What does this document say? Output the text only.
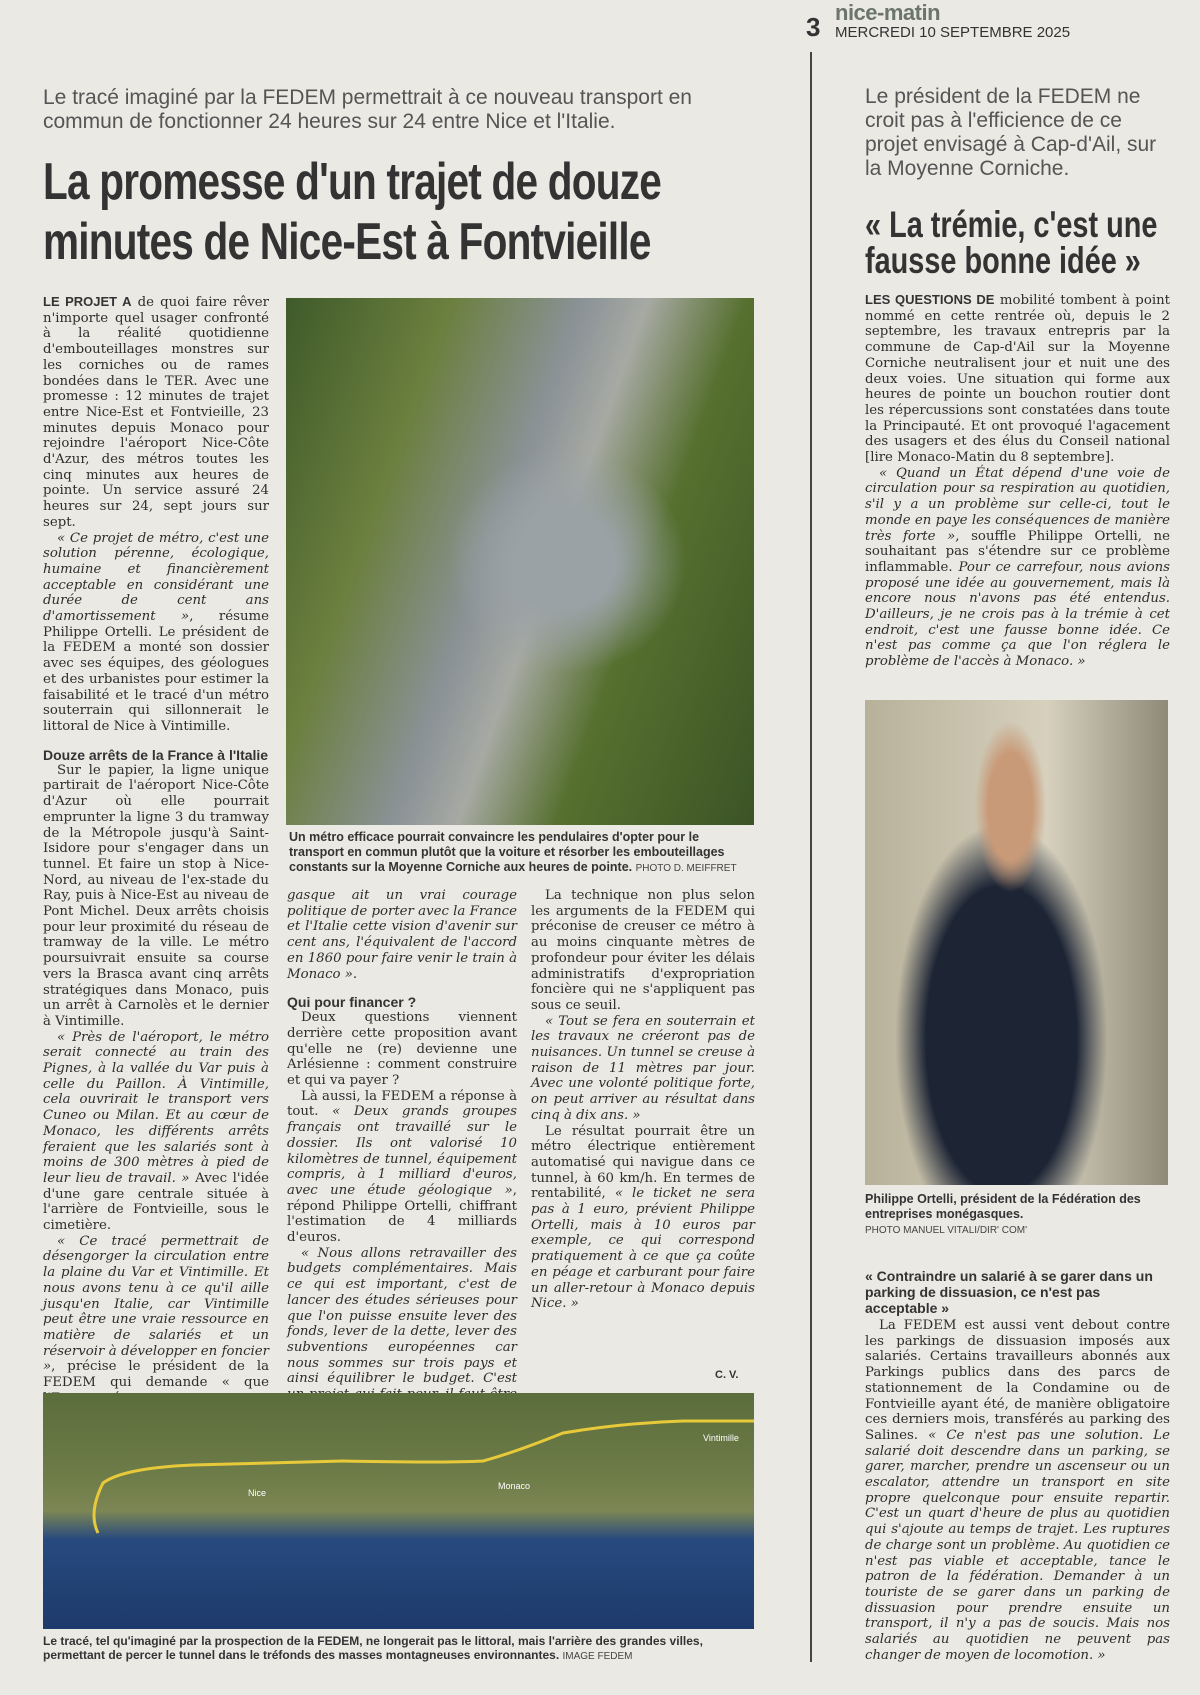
3 nice-matin
MERCREDI 10 SEPTEMBRE 2025
Le tracé imaginé par la FEDEM permettrait à ce nouveau transport en commun de fonctionner 24 heures sur 24 entre Nice et l'Italie.
La promesse d'un trajet de douze
minutes de Nice-Est à Fontvieille

LE PROJET A de quoi faire rêver n'importe quel usager confronté à la réalité quotidienne d'embouteillages monstres sur les corniches ou de rames bondées dans le TER. Avec une promesse : 12 minutes de trajet entre Nice-Est et Fontvieille, 23 minutes depuis Monaco pour rejoindre l'aéroport Nice-Côte d'Azur, des métros toutes les cinq minutes aux heures de pointe. Un service assuré 24 heures sur 24, sept jours sur sept.

« Ce projet de métro, c'est une solution pérenne, écologique, humaine et financièrement acceptable en considérant une durée de cent ans d'amortissement », résume Philippe Ortelli. Le président de la FEDEM a monté son dossier avec ses équipes, des géologues et des urbanistes pour estimer la faisabilité et le tracé d'un métro souterrain qui sillonnerait le littoral de Nice à Vintimille.

Douze arrêts de la France à l'Italie

Sur le papier, la ligne unique partirait de l'aéroport Nice-Côte d'Azur où elle pourrait emprunter la ligne 3 du tramway de la Métropole jusqu'à Saint-Isidore pour s'engager dans un tunnel. Et faire un stop à Nice-Nord, au niveau de l'ex-stade du Ray, puis à Nice-Est au niveau de Pont Michel. Deux arrêts choisis pour leur proximité du réseau de tramway de la ville. Le métro poursuivrait ensuite sa course vers la Brasca avant cinq arrêts stratégiques dans Monaco, puis un arrêt à Carnolès et le dernier à Vintimille.

« Près de l'aéroport, le métro serait connecté au train des Pignes, à la vallée du Var puis à celle du Paillon. À Vintimille, cela ouvrirait le transport vers Cuneo ou Milan. Et au cœur de Monaco, les différents arrêts feraient que les salariés sont à moins de 300 mètres à pied de leur lieu de travail. » Avec l'idée d'une gare centrale située à l'arrière de Fontvieille, sous le cimetière.

« Ce tracé permettrait de désengorger la circulation entre la plaine du Var et Vintimille. Et nous avons tenu à ce qu'il aille jusqu'en Italie, car Vintimille peut être une vraie ressource en matière de salariés et un réservoir à développer en foncier », précise le président de la FEDEM qui demande « que

Un métro efficace pourrait convaincre les pendulaires d'opter pour le transport en commun plutôt que la voiture et résorber les embouteillages constants sur la Moyenne Corniche aux heures de pointe. PHOTO D. MEIFFRET

gasque ait un vrai courage politique de porter avec la France et l'Italie cette vision d'avenir sur cent ans, l'équivalent de l'accord en 1860 pour faire venir le train à Monaco ».

Qui pour financer ?

Deux questions viennent derrière cette proposition avant qu'elle ne (re) devienne une Arlésienne : comment construire et qui va payer ?

Là aussi, la FEDEM a réponse à tout. « Deux grands groupes français ont travaillé sur le dossier. Ils ont valorisé 10 kilomètres de tunnel, équipement compris, à 1 milliard d'euros, avec une étude géologique », répond Philippe Ortelli, chiffrant l'estimation de 4 milliards d'euros.

« Nous allons retravailler des budgets complémentaires. Mais ce qui est important, c'est de lancer des études sérieuses pour que l'on puisse ensuite lever des fonds, lever de la dette, lever des subventions européennes car nous sommes sur trois pays et ainsi équilibrer le budget. C'est

La technique non plus selon les arguments de la FEDEM qui préconise de creuser ce métro à au moins cinquante mètres de profondeur pour éviter les délais administratifs d'expropriation foncière qui ne s'appliquent pas sous ce seuil.

« Tout se fera en souterrain et les travaux ne créeront pas de nuisances. Un tunnel se creuse à raison de 11 mètres par jour. Avec une volonté politique forte, on peut arriver au résultat dans cinq à dix ans. »

Le résultat pourrait être un métro électrique entièrement automatisé qui navigue dans ce tunnel, à 60 km/h. En termes de rentabilité, « le ticket ne sera pas à 1 euro, prévient Philippe Ortelli, mais à 10 euros par exemple, ce qui correspond pratiquement à ce que ça coûte en péage et carburant pour faire un aller-retour à Monaco depuis Nice. »

C. V.
Nice
Monaco
Vintimille
Le tracé, tel qu'imaginé par la prospection de la FEDEM, ne longerait pas le littoral, mais l'arrière des grandes villes, permettant de percer le tunnel dans le tréfonds des masses montagneuses environnantes. IMAGE FEDEM
Le président de la FEDEM ne croit pas à l'efficience de ce projet envisagé à Cap-d'Ail, sur la Moyenne Corniche.
« La trémie, c'est une
fausse bonne idée »

LES QUESTIONS DE mobilité tombent à point nommé en cette rentrée où, depuis le 2 septembre, les travaux entrepris par la commune de Cap-d'Ail sur la Moyenne Corniche neutralisent jour et nuit une des deux voies. Une situation qui forme aux heures de pointe un bouchon routier dont les répercussions sont constatées dans toute la Principauté. Et ont provoqué l'agacement des usagers et des élus du Conseil national [lire Monaco-Matin du 8 septembre].

« Quand un État dépend d'une voie de circulation pour sa respiration au quotidien, s'il y a un problème sur celle-ci, tout le monde en paye les conséquences de manière très forte », souffle Philippe Ortelli, ne souhaitant pas s'étendre sur ce problème inflammable. Pour ce carrefour, nous avions proposé une idée au gouvernement, mais là encore nous n'avons pas été entendus. D'ailleurs, je ne crois pas à la trémie à cet endroit, c'est une fausse bonne idée. Ce n'est pas comme ça que l'on réglera le problème de l'accès à Monaco. »

Philippe Ortelli, président de la Fédération des entreprises monégasques.
PHOTO MANUEL VITALI/DIR' COM'
« Contraindre un salarié à se garer dans un parking de dissuasion, ce n'est pas acceptable »

La FEDEM est aussi vent debout contre les parkings de dissuasion imposés aux salariés. Certains travailleurs abonnés aux Parkings publics dans des parcs de stationnement de la Condamine ou de Fontvieille ayant été, de manière obligatoire ces derniers mois, transférés au parking des Salines. « Ce n'est pas une solution. Le salarié doit descendre dans un parking, se garer, marcher, prendre un ascenseur ou un escalator, attendre un transport en site propre quelconque pour ensuite repartir. C'est un quart d'heure de plus au quotidien qui s'ajoute au temps de trajet. Les ruptures de charge sont un problème. Au quotidien ce n'est pas viable et acceptable, tance le patron de la fédération. Demander à un touriste de se garer dans un parking de dissuasion pour prendre ensuite un transport, il n'y a pas de soucis. Mais nos salariés au quotidien ne peuvent pas changer de moyen de locomotion. »
